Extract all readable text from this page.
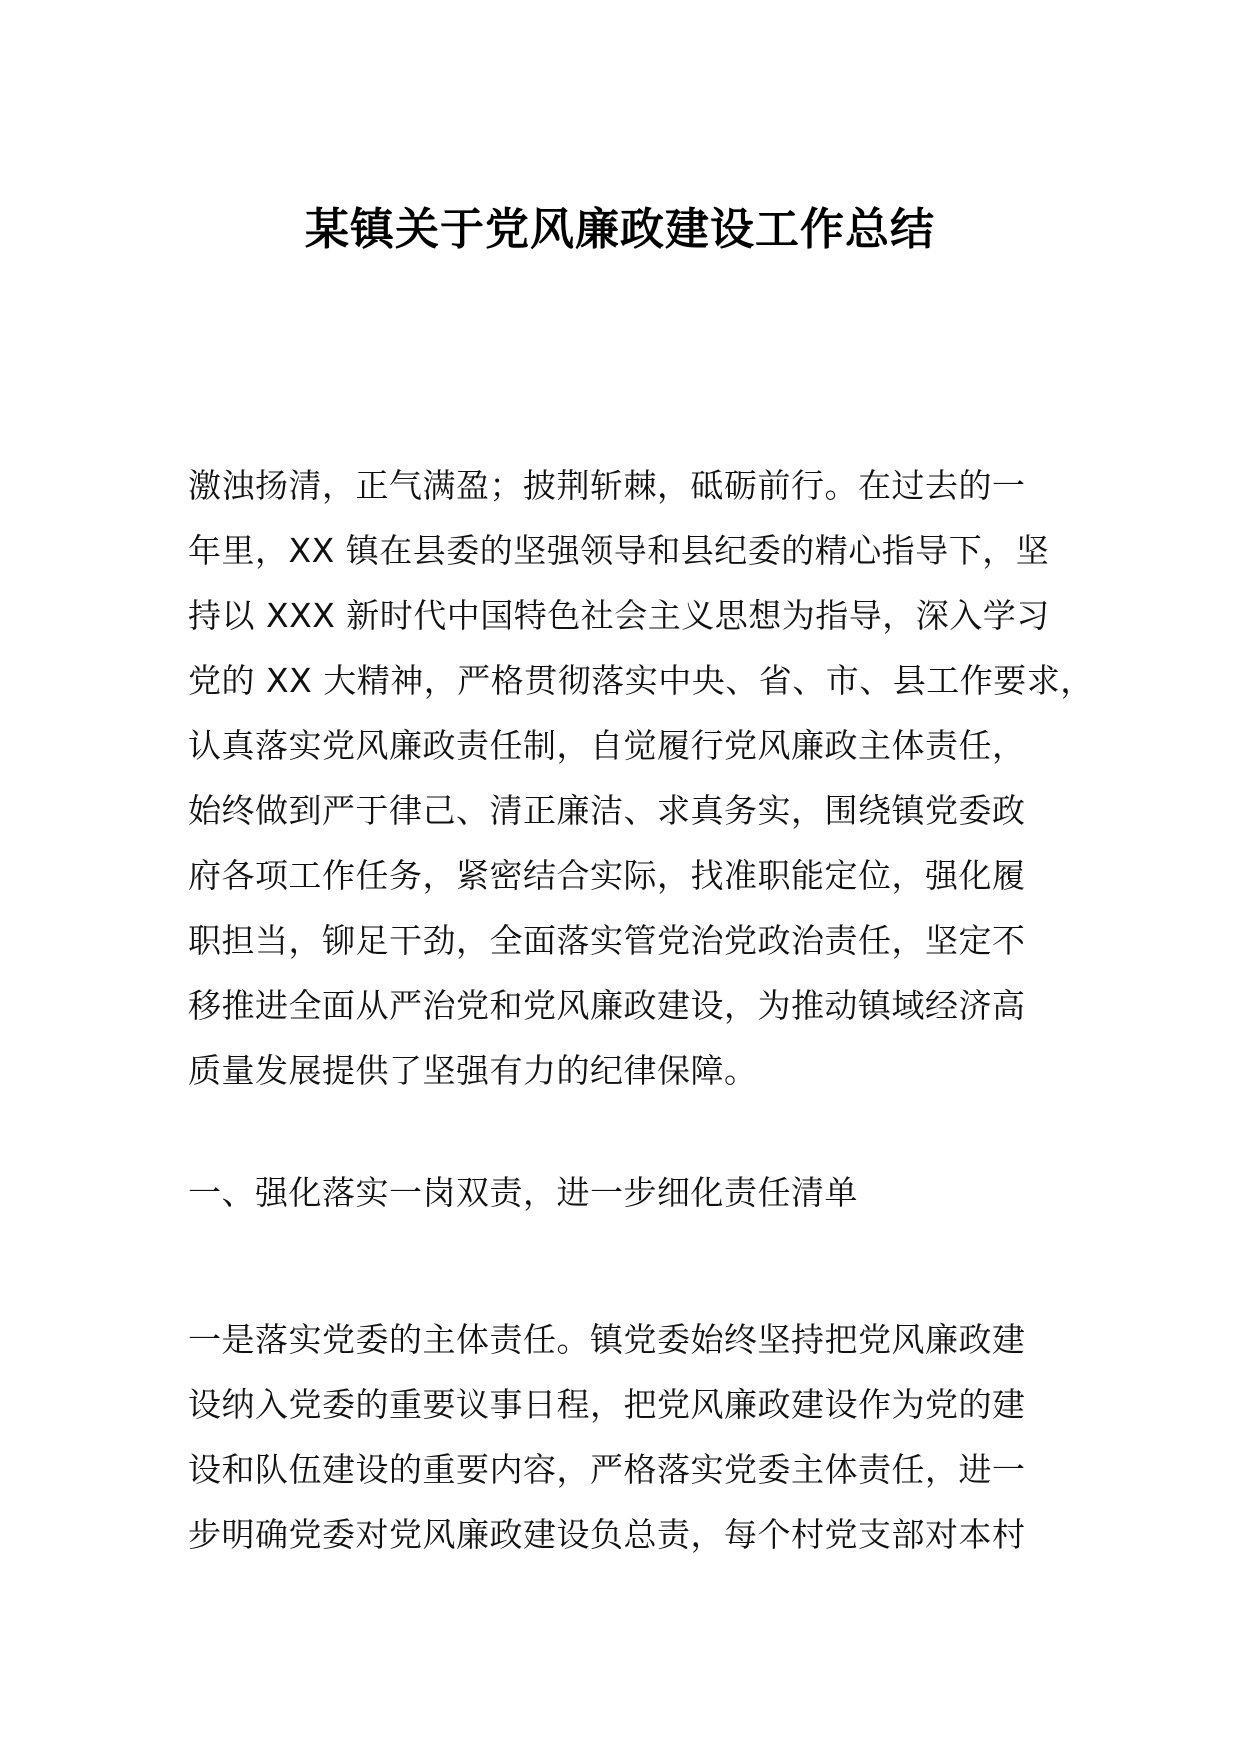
某镇关于党风廉政建设工作总结
激浊扬清，正气满盈；披荆斩棘，砥砺前行。在过去的一
年里，XX 镇在县委的坚强领导和县纪委的精心指导下，坚
持以 XXX 新时代中国特色社会主义思想为指导，深入学习
党的 XX 大精神，严格贯彻落实中央、省、市、县工作要求，
认真落实党风廉政责任制，自觉履行党风廉政主体责任，
始终做到严于律己、清正廉洁、求真务实，围绕镇党委政
府各项工作任务，紧密结合实际，找准职能定位，强化履
职担当，铆足干劲，全面落实管党治党政治责任，坚定不
移推进全面从严治党和党风廉政建设，为推动镇域经济高
质量发展提供了坚强有力的纪律保障。
一、强化落实一岗双责，进一步细化责任清单
一是落实党委的主体责任。镇党委始终坚持把党风廉政建
设纳入党委的重要议事日程，把党风廉政建设作为党的建
设和队伍建设的重要内容，严格落实党委主体责任，进一
步明确党委对党风廉政建设负总责，每个村党支部对本村
